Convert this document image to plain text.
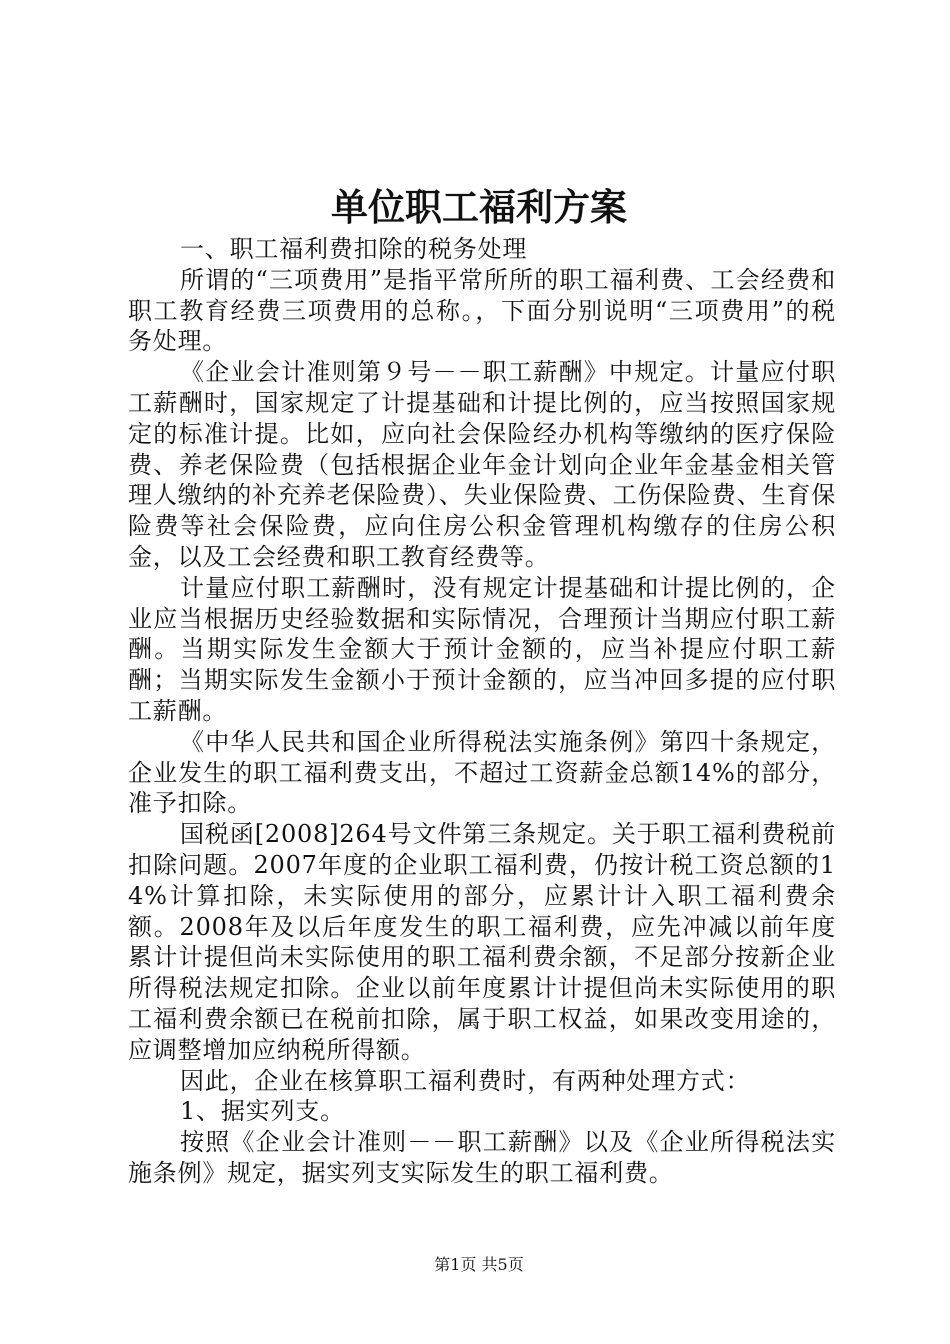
单位职工福利方案

一、职工福利费扣除的税务处理

所谓的“三项费用”是指平常所所的职工福利费、工会经费和职工教育经费三项费用的总称。，下面分别说明“三项费用”的税务处理。

《企业会计准则第９号－－职工薪酬》中规定。计量应付职工薪酬时，国家规定了计提基础和计提比例的，应当按照国家规定的标准计提。比如，应向社会保险经办机构等缴纳的医疗保险费、养老保险费（包括根据企业年金计划向企业年金基金相关管理人缴纳的补充养老保险费）、失业保险费、工伤保险费、生育保险费等社会保险费，应向住房公积金管理机构缴存的住房公积金，以及工会经费和职工教育经费等。

计量应付职工薪酬时，没有规定计提基础和计提比例的，企业应当根据历史经验数据和实际情况，合理预计当期应付职工薪酬。当期实际发生金额大于预计金额的，应当补提应付职工薪酬；当期实际发生金额小于预计金额的，应当冲回多提的应付职工薪酬。

《中华人民共和国企业所得税法实施条例》第四十条规定，企业发生的职工福利费支出，不超过工资薪金总额14%的部分，准予扣除。

国税函[2008]264号文件第三条规定。关于职工福利费税前扣除问题。2007年度的企业职工福利费，仍按计税工资总额的14%计算扣除，未实际使用的部分，应累计计入职工福利费余额。2008年及以后年度发生的职工福利费，应先冲减以前年度累计计提但尚未实际使用的职工福利费余额，不足部分按新企业所得税法规定扣除。企业以前年度累计计提但尚未实际使用的职工福利费余额已在税前扣除，属于职工权益，如果改变用途的，应调整增加应纳税所得额。

因此，企业在核算职工福利费时，有两种处理方式：

1、据实列支。

按照《企业会计准则－－职工薪酬》以及《企业所得税法实施条例》规定，据实列支实际发生的职工福利费。

第1页 共5页
